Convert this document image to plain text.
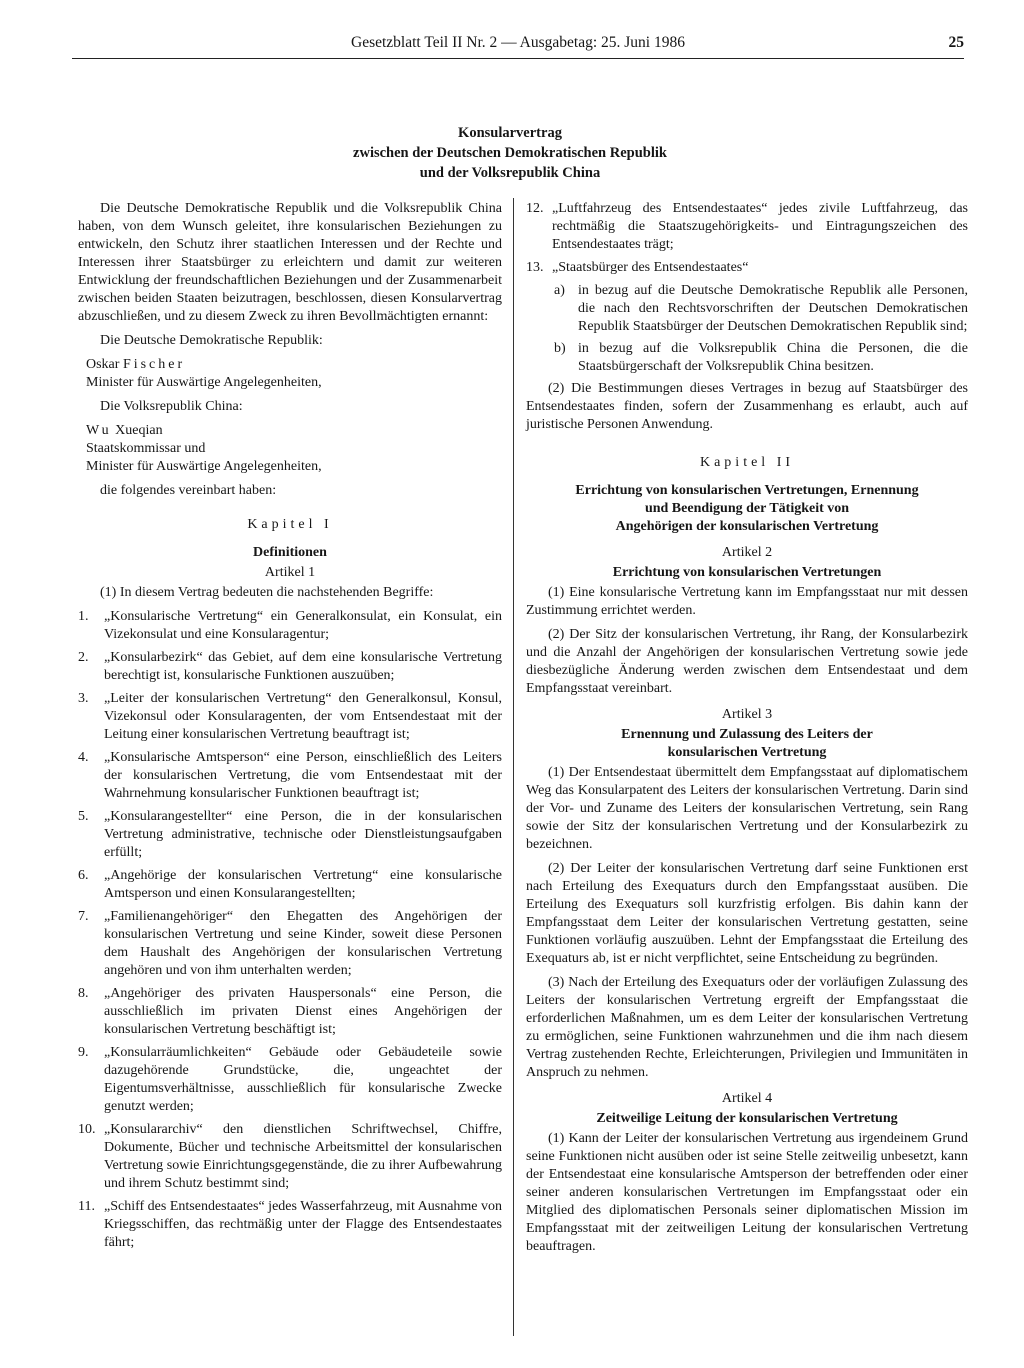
Gesetzblatt Teil II Nr. 2 — Ausgabetag: 25. Juni 1986	25
Konsularvertrag
zwischen der Deutschen Demokratischen Republik
und der Volksrepublik China

Die Deutsche Demokratische Republik und die Volksrepublik China haben, von dem Wunsch geleitet, ihre konsularischen Beziehungen zu entwickeln, den Schutz ihrer staatlichen Interessen und der Rechte und Interessen ihrer Staatsbürger zu erleichtern und damit zur weiteren Entwicklung der freundschaftlichen Beziehungen und der Zusammenarbeit zwischen beiden Staaten beizutragen, beschlossen, diesen Konsularvertrag abzuschließen, und zu diesem Zweck zu ihren Bevollmächtigten ernannt:

Die Deutsche Demokratische Republik:

Oskar Fischer
Minister für Auswärtige Angelegenheiten,

Die Volksrepublik China:

Wu Xueqian
Staatskommissar und
Minister für Auswärtige Angelegenheiten,

die folgendes vereinbart haben:

Kapitel I
Definitionen
Artikel 1

(1) In diesem Vertrag bedeuten die nachstehenden Begriffe:

1. „Konsularische Vertretung“ ein Generalkonsulat, ein Konsulat, ein Vizekonsulat und eine Konsularagentur;
2. „Konsularbezirk“ das Gebiet, auf dem eine konsularische Vertretung berechtigt ist, konsularische Funktionen auszuüben;
3. „Leiter der konsularischen Vertretung“ den Generalkonsul, Konsul, Vizekonsul oder Konsularagenten, der vom Entsendestaat mit der Leitung einer konsularischen Vertretung beauftragt ist;
4. „Konsularische Amtsperson“ eine Person, einschließlich des Leiters der konsularischen Vertretung, die vom Entsendestaat mit der Wahrnehmung konsularischer Funktionen beauftragt ist;
5. „Konsularangestellter“ eine Person, die in der konsularischen Vertretung administrative, technische oder Dienstleistungsaufgaben erfüllt;
6. „Angehörige der konsularischen Vertretung“ eine konsularische Amtsperson und einen Konsularangestellten;
7. „Familienangehöriger“ den Ehegatten des Angehörigen der konsularischen Vertretung und seine Kinder, soweit diese Personen dem Haushalt des Angehörigen der konsularischen Vertretung angehören und von ihm unterhalten werden;
8. „Angehöriger des privaten Hauspersonals“ eine Person, die ausschließlich im privaten Dienst eines Angehörigen der konsularischen Vertretung beschäftigt ist;
9. „Konsularräumlichkeiten“ Gebäude oder Gebäudeteile sowie dazugehörende Grundstücke, die, ungeachtet der Eigentumsverhältnisse, ausschließlich für konsularische Zwecke genutzt werden;
10. „Konsulararchiv“ den dienstlichen Schriftwechsel, Chiffre, Dokumente, Bücher und technische Arbeitsmittel der konsularischen Vertretung sowie Einrichtungsgegenstände, die zu ihrer Aufbewahrung und ihrem Schutz bestimmt sind;
11. „Schiff des Entsendestaates“ jedes Wasserfahrzeug, mit Ausnahme von Kriegsschiffen, das rechtmäßig unter der Flagge des Entsendestaates fährt;
12. „Luftfahrzeug des Entsendestaates“ jedes zivile Luftfahrzeug, das rechtmäßig die Staatszugehörigkeits- und Eintragungszeichen des Entsendestaates trägt;
13. „Staatsbürger des Entsendestaates“
a) in bezug auf die Deutsche Demokratische Republik alle Personen, die nach den Rechtsvorschriften der Deutschen Demokratischen Republik Staatsbürger der Deutschen Demokratischen Republik sind;
b) in bezug auf die Volksrepublik China die Personen, die die Staatsbürgerschaft der Volksrepublik China besitzen.

(2) Die Bestimmungen dieses Vertrages in bezug auf Staatsbürger des Entsendestaates finden, sofern der Zusammenhang es erlaubt, auch auf juristische Personen Anwendung.

Kapitel II
Errichtung von konsularischen Vertretungen, Ernennung
und Beendigung der Tätigkeit von
Angehörigen der konsularischen Vertretung
Artikel 2
Errichtung von konsularischen Vertretungen

(1) Eine konsularische Vertretung kann im Empfangsstaat nur mit dessen Zustimmung errichtet werden.

(2) Der Sitz der konsularischen Vertretung, ihr Rang, der Konsularbezirk und die Anzahl der Angehörigen der konsularischen Vertretung sowie jede diesbezügliche Änderung werden zwischen dem Entsendestaat und dem Empfangsstaat vereinbart.

Artikel 3
Ernennung und Zulassung des Leiters der
konsularischen Vertretung

(1) Der Entsendestaat übermittelt dem Empfangsstaat auf diplomatischem Weg das Konsularpatent des Leiters der konsularischen Vertretung. Darin sind der Vor- und Zuname des Leiters der konsularischen Vertretung, sein Rang sowie der Sitz der konsularischen Vertretung und der Konsularbezirk zu bezeichnen.

(2) Der Leiter der konsularischen Vertretung darf seine Funktionen erst nach Erteilung des Exequaturs durch den Empfangsstaat ausüben. Die Erteilung des Exequaturs soll kurzfristig erfolgen. Bis dahin kann der Empfangsstaat dem Leiter der konsularischen Vertretung gestatten, seine Funktionen vorläufig auszuüben. Lehnt der Empfangsstaat die Erteilung des Exequaturs ab, ist er nicht verpflichtet, seine Entscheidung zu begründen.

(3) Nach der Erteilung des Exequaturs oder der vorläufigen Zulassung des Leiters der konsularischen Vertretung ergreift der Empfangsstaat die erforderlichen Maßnahmen, um es dem Leiter der konsularischen Vertretung zu ermöglichen, seine Funktionen wahrzunehmen und die ihm nach diesem Vertrag zustehenden Rechte, Erleichterungen, Privilegien und Immunitäten in Anspruch zu nehmen.

Artikel 4
Zeitweilige Leitung der konsularischen Vertretung

(1) Kann der Leiter der konsularischen Vertretung aus irgendeinem Grund seine Funktionen nicht ausüben oder ist seine Stelle zeitweilig unbesetzt, kann der Entsendestaat eine konsularische Amtsperson der betreffenden oder einer seiner anderen konsularischen Vertretungen im Empfangsstaat oder ein Mitglied des diplomatischen Personals seiner diplomatischen Mission im Empfangsstaat mit der zeitweiligen Leitung der konsularischen Vertretung beauftragen.
